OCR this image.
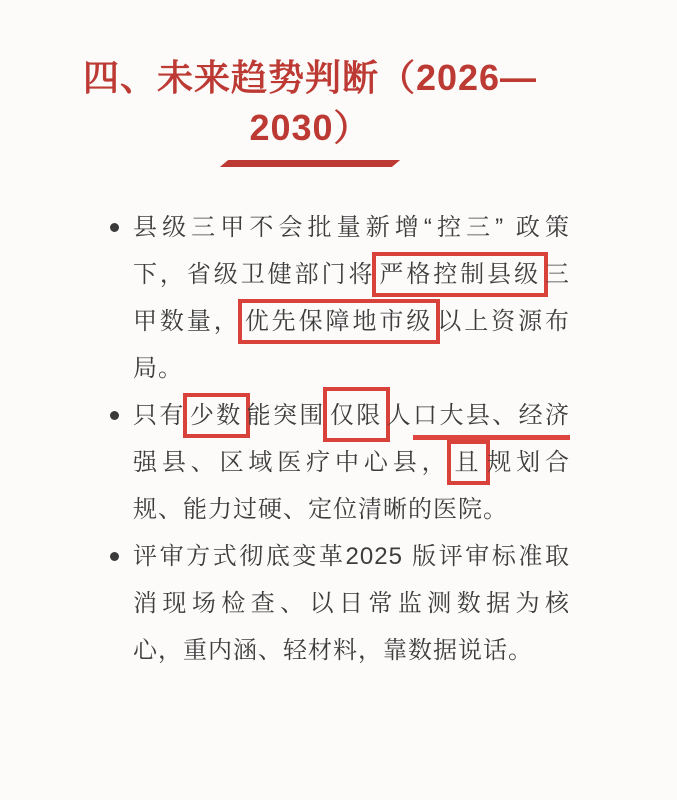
四、未来趋势判断（2026—
2030）
县级三甲不会批量新增“控三” 政策
下，省级卫健部门将 严格控制县级 三
甲数量， 优先保障地市级 以上资源布
局。
只有 少数 能突围 仅限 人口大县、经济
强县、区域医疗中心县， 且 规划合
规、能力过硬、定位清晰的医院。
评审方式彻底变革2025 版评审标准取
消现场检查、以日常监测数据为核
心，重内涵、轻材料，靠数据说话。
